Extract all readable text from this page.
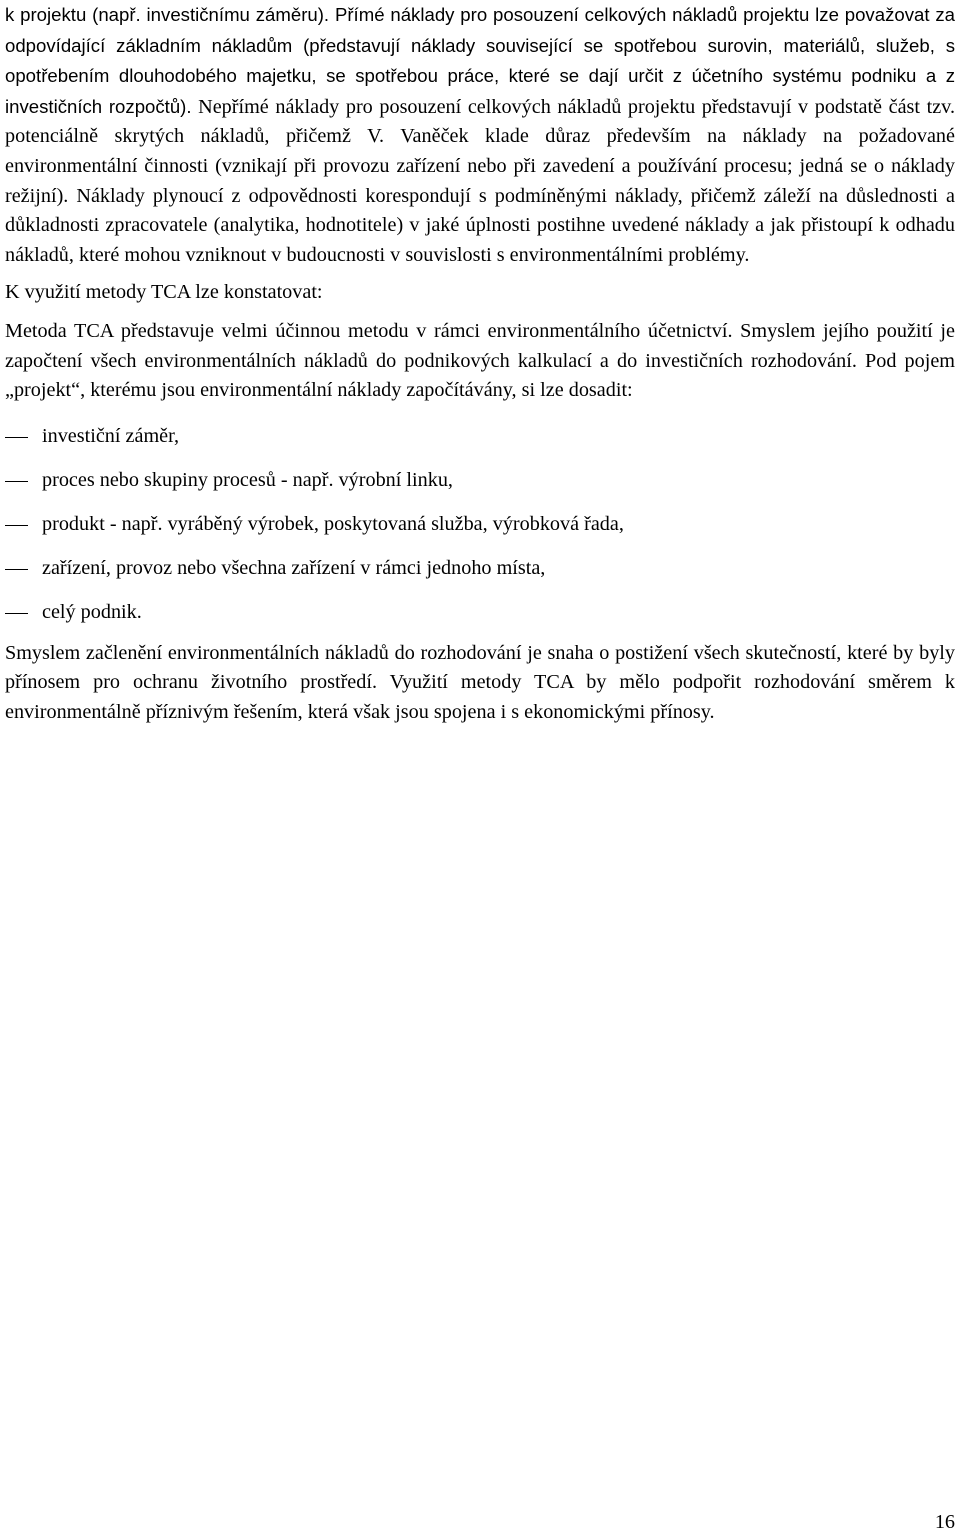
k projektu (např. investičnímu záměru). Přímé náklady pro posouzení celkových nákladů projektu lze považovat za odpovídající základním nákladům (představují náklady související se spotřebou surovin, materiálů, služeb, s opotřebením dlouhodobého majetku, se spotřebou práce, které se dají určit z účetního systému podniku a z investičních rozpočtů). Nepřímé náklady pro posouzení celkových nákladů projektu představují v podstatě část tzv. potenciálně skrytých nákladů, přičemž V. Vaněček klade důraz především na náklady na požadované environmentální činnosti (vznikají při provozu zařízení nebo při zavedení a používání procesu; jedná se o náklady režijní). Náklady plynoucí z odpovědnosti korespondují s podmíněnými náklady, přičemž záleží na důslednosti a důkladnosti zpracovatele (analytika, hodnotitele) v jaké úplnosti postihne uvedené náklady a jak přistoupí k odhadu nákladů, které mohou vzniknout v budoucnosti v souvislosti s environmentálními problémy.

K využití metody TCA lze konstatovat:

Metoda TCA představuje velmi účinnou metodu v rámci environmentálního účetnictví. Smyslem jejího použití je započtení všech environmentálních nákladů do podnikových kalkulací a do investičních rozhodování. Pod pojem „projekt“, kterému jsou environmentální náklady započítávány, si lze dosadit:

investiční záměr,
proces nebo skupiny procesů - např. výrobní linku,
produkt - např. vyráběný výrobek, poskytovaná služba, výrobková řada,
zařízení, provoz nebo všechna zařízení v rámci jednoho místa,
celý podnik.

Smyslem začlenění environmentálních nákladů do rozhodování je snaha o postižení všech skutečností, které by byly přínosem pro ochranu životního prostředí. Využití metody TCA by mělo podpořit rozhodování směrem k environmentálně příznivým řešením, která však jsou spojena i s ekonomickými přínosy.

16
